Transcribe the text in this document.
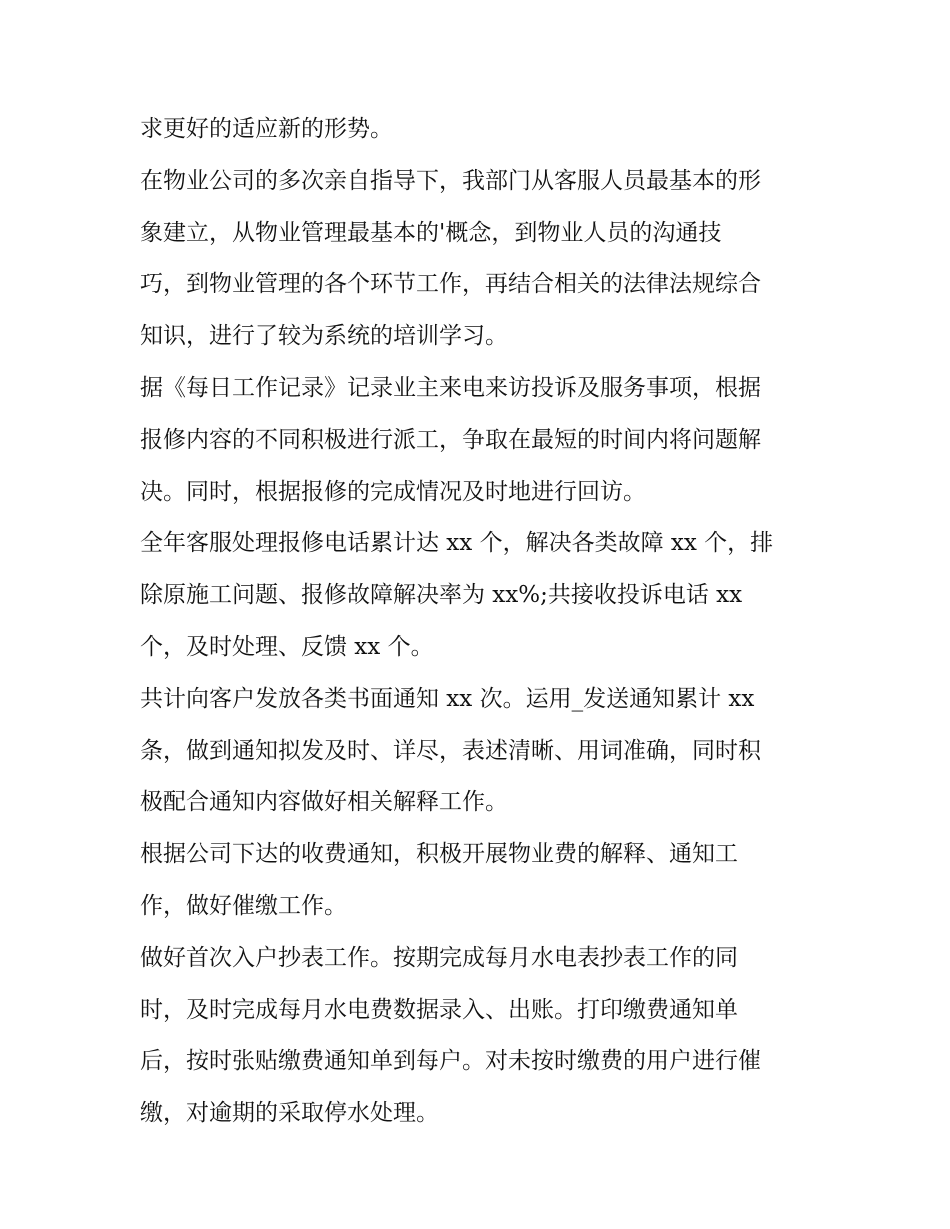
求更好的适应新的形势。
在物业公司的多次亲自指导下，我部门从客服人员最基本的形
象建立，从物业管理最基本的'概念，到物业人员的沟通技
巧，到物业管理的各个环节工作，再结合相关的法律法规综合
知识，进行了较为系统的培训学习。
据《每日工作记录》记录业主来电来访投诉及服务事项，根据
报修内容的不同积极进行派工，争取在最短的时间内将问题解
决。同时，根据报修的完成情况及时地进行回访。
全年客服处理报修电话累计达 xx 个，解决各类故障 xx 个，排
除原施工问题、报修故障解决率为 xx%;共接收投诉电话 xx
个，及时处理、反馈 xx 个。
共计向客户发放各类书面通知 xx 次。运用_发送通知累计 xx
条，做到通知拟发及时、详尽，表述清晰、用词准确，同时积
极配合通知内容做好相关解释工作。
根据公司下达的收费通知，积极开展物业费的解释、通知工
作，做好催缴工作。
做好首次入户抄表工作。按期完成每月水电表抄表工作的同
时，及时完成每月水电费数据录入、出账。打印缴费通知单
后，按时张贴缴费通知单到每户。对未按时缴费的用户进行催
缴，对逾期的采取停水处理。
